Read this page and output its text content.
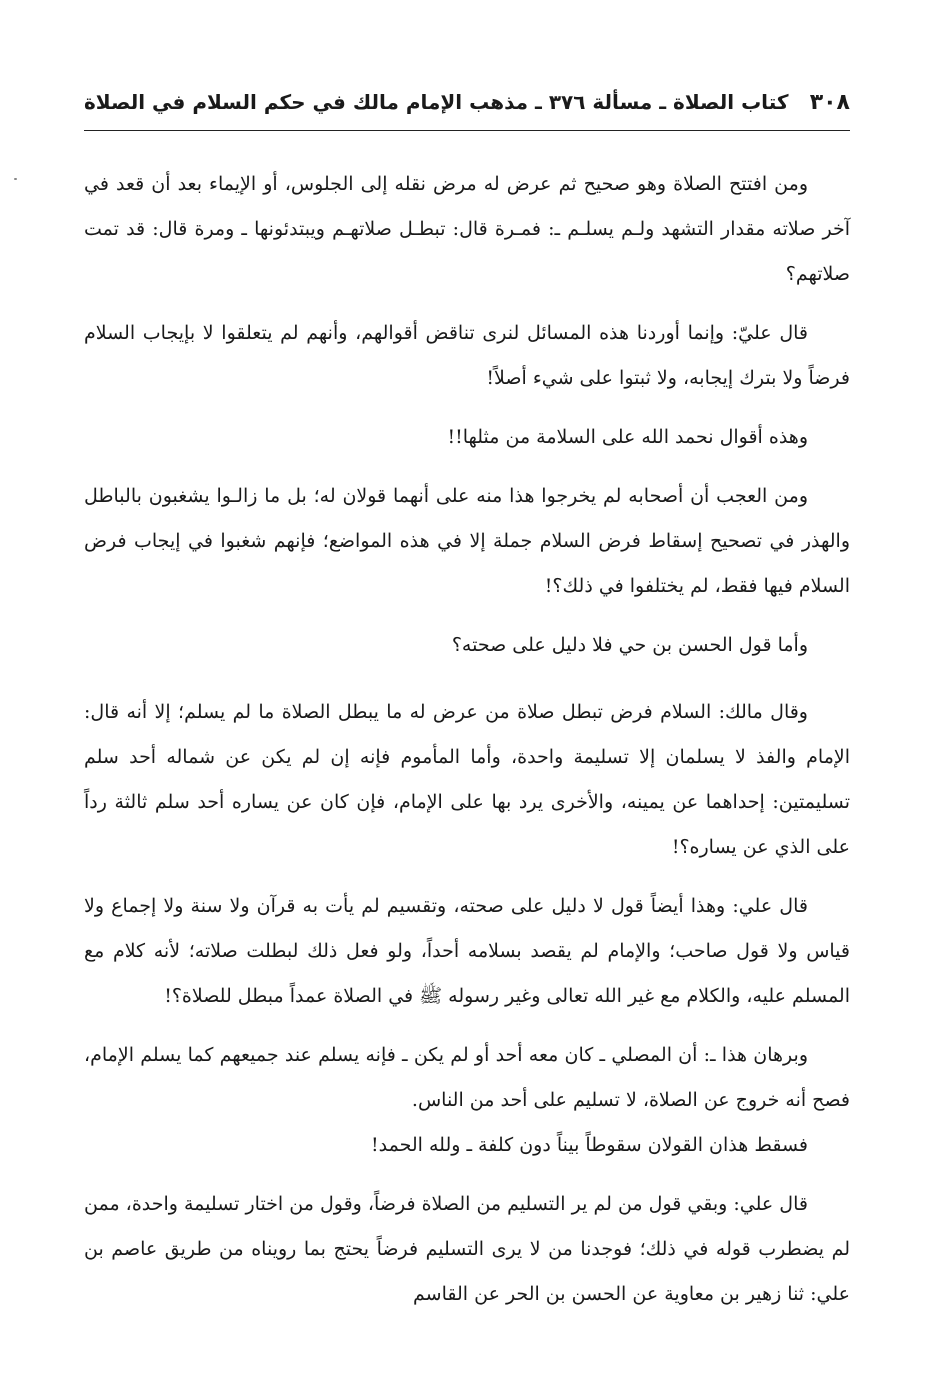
٣٠٨
كتاب الصلاة ـ مسألة ٣٧٦ ـ مذهب الإمام مالك في حكم السلام في الصلاة

ومن افتتح الصلاة وهو صحيح ثم عرض له مرض نقله إلى الجلوس، أو الإيماء بعد أن قعد في آخر صلاته مقدار التشهد ولـم يسلـم ـ: فمـرة قال: تبطـل صلاتهـم ويبتدئونها ـ ومرة قال: قد تمت صلاتهم؟

قال عليّ: وإنما أوردنا هذه المسائل لنرى تناقض أقوالهم، وأنهم لم يتعلقوا لا بإيجاب السلام فرضاً ولا بترك إيجابه، ولا ثبتوا على شيء أصلاً!

وهذه أقوال نحمد الله على السلامة من مثلها!!

ومن العجب أن أصحابه لم يخرجوا هذا منه على أنهما قولان له؛ بل ما زالـوا يشغبون بالباطل والهذر في تصحيح إسقاط فرض السلام جملة إلا في هذه المواضع؛ فإنهم شغبوا في إيجاب فرض السلام فيها فقط، لم يختلفوا في ذلك؟!

وأما قول الحسن بن حي فلا دليل على صحته؟

وقال مالك: السلام فرض تبطل صلاة من عرض له ما يبطل الصلاة ما لم يسلم؛ إلا أنه قال: الإمام والفذ لا يسلمان إلا تسليمة واحدة، وأما المأموم فإنه إن لم يكن عن شماله أحد سلم تسليمتين: إحداهما عن يمينه، والأخرى يرد بها على الإمام، فإن كان عن يساره أحد سلم ثالثة رداً على الذي عن يساره؟!

قال علي: وهذا أيضاً قول لا دليل على صحته، وتقسيم لم يأت به قرآن ولا سنة ولا إجماع ولا قياس ولا قول صاحب؛ والإمام لم يقصد بسلامه أحداً، ولو فعل ذلك لبطلت صلاته؛ لأنه كلام مع المسلم عليه، والكلام مع غير الله تعالى وغير رسوله ﷺ في الصلاة عمداً مبطل للصلاة؟!

وبرهان هذا ـ: أن المصلي ـ كان معه أحد أو لم يكن ـ فإنه يسلم عند جميعهم كما يسلم الإمام، فصح أنه خروج عن الصلاة، لا تسليم على أحد من الناس.

فسقط هذان القولان سقوطاً بيناً دون كلفة ـ ولله الحمد!

قال علي: وبقي قول من لم ير التسليم من الصلاة فرضاً، وقول من اختار تسليمة واحدة، ممن لم يضطرب قوله في ذلك؛ فوجدنا من لا يرى التسليم فرضاً يحتج بما رويناه من طريق عاصم بن علي: ثنا زهير بن معاوية عن الحسن بن الحر عن القاسم
